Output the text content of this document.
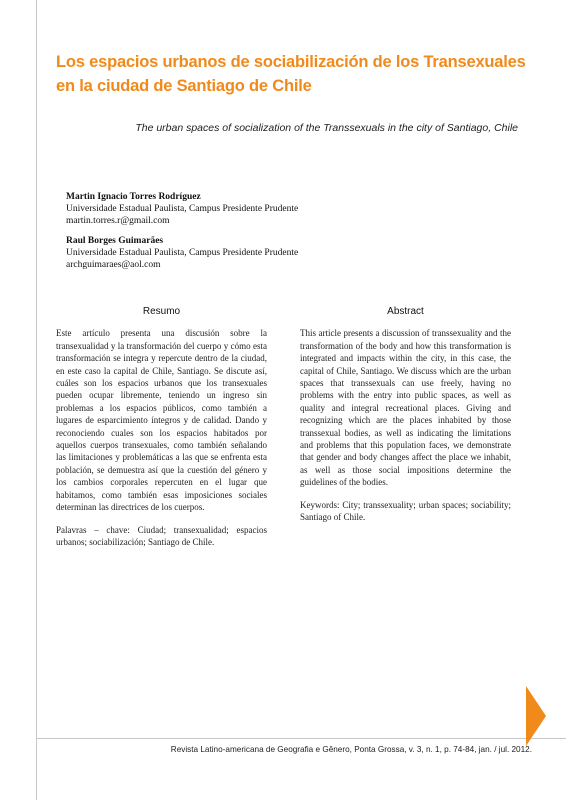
Los espacios urbanos de sociabilización de los Transexuales en la ciudad de Santiago de Chile
The urban spaces of socialization of the Transsexuals in the city of Santiago, Chile
Martin Ignacio Torres Rodríguez
Universidade Estadual Paulista, Campus Presidente Prudente
martin.torres.r@gmail.com
Raul Borges Guimarães
Universidade Estadual Paulista, Campus Presidente Prudente
archguimaraes@aol.com
Resumo

Este artículo presenta una discusión sobre la transexualidad y la transformación del cuerpo y cómo esta transformación se integra y repercute dentro de la ciudad, en este caso la capital de Chile, Santiago. Se discute así, cuáles son los espacios urbanos que los transexuales pueden ocupar libremente, teniendo un ingreso sin problemas a los espacios públicos, como también a lugares de esparcimiento íntegros y de calidad. Dando y reconociendo cuales son los espacios habitados por aquellos cuerpos transexuales, como también señalando las limitaciones y problemáticas a las que se enfrenta esta población, se demuestra así que la cuestión del género y los cambios corporales repercuten en el lugar que habitamos, como también esas imposiciones sociales determinan las directrices de los cuerpos.

Palavras – chave: Ciudad; transexualidad; espacios urbanos; sociabilización; Santiago de Chile.

Abstract

This article presents a discussion of transsexuality and the transformation of the body and how this transformation is integrated and impacts within the city, in this case, the capital of Chile, Santiago. We discuss which are the urban spaces that transsexuals can use freely, having no problems with the entry into public spaces, as well as quality and integral recreational places. Giving and recognizing which are the places inhabited by those transsexual bodies, as well as indicating the limitations and problems that this population faces, we demonstrate that gender and body changes affect the place we inhabit, as well as those social impositions determine the guidelines of the bodies.

Keywords: City; transsexuality; urban spaces; sociability; Santiago of Chile.

Revista Latino-americana de Geografia e Gênero, Ponta Grossa, v. 3, n. 1, p. 74-84, jan. / jul. 2012.
